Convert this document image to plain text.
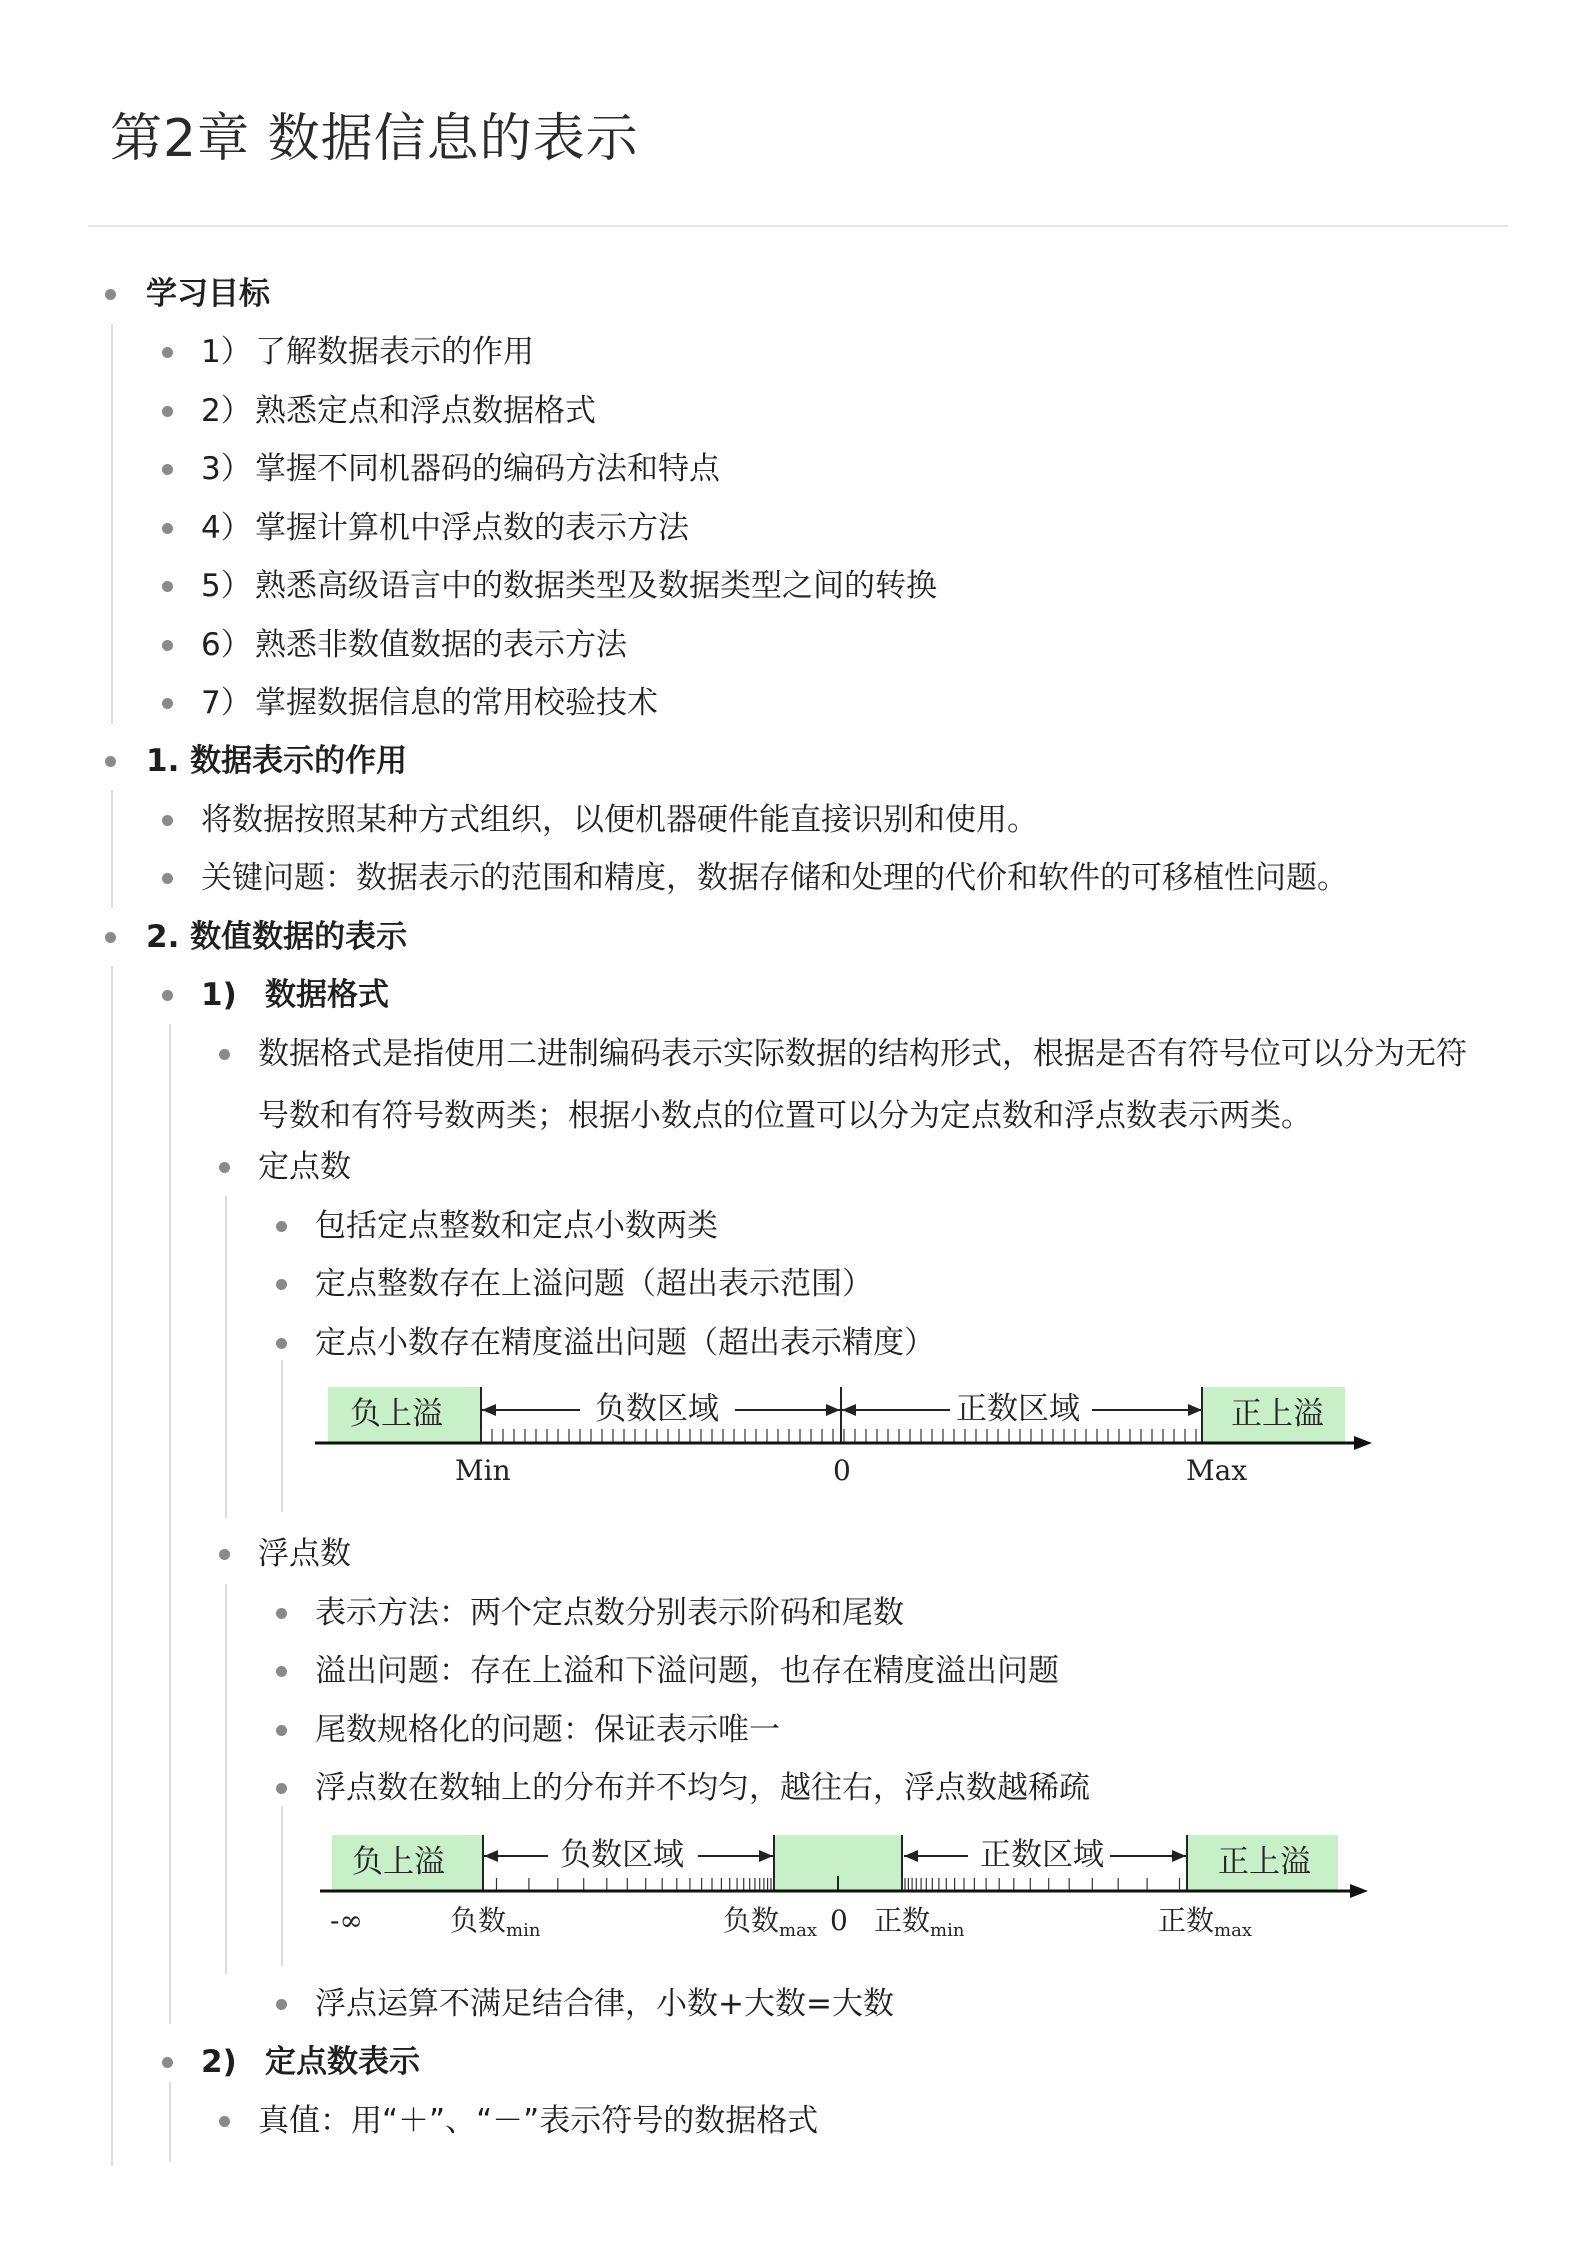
第2章 数据信息的表示
学习目标
1） 了解数据表示的作用
2） 熟悉定点和浮点数据格式
3） 掌握不同机器码的编码方法和特点
4） 掌握计算机中浮点数的表示方法
5） 熟悉高级语言中的数据类型及数据类型之间的转换
6） 熟悉非数值数据的表示方法
7） 掌握数据信息的常用校验技术
1. 数据表示的作用
将数据按照某种方式组织，以便机器硬件能直接识别和使用。
关键问题：数据表示的范围和精度，数据存储和处理的代价和软件的可移植性问题。
2. 数值数据的表示
1) 数据格式
数据格式是指使用二进制编码表示实际数据的结构形式，根据是否有符号位可以分为无符号数和有符号数两类；根据小数点的位置可以分为定点数和浮点数表示两类。
定点数
包括定点整数和定点小数两类
定点整数存在上溢问题（超出表示范围）
定点小数存在精度溢出问题（超出表示精度）
负上溢	正上溢
负数区域	正数区域
Min	0	Max
浮点数
表示方法：两个定点数分别表示阶码和尾数
溢出问题：存在上溢和下溢问题，也存在精度溢出问题
尾数规格化的问题：保证表示唯一
浮点数在数轴上的分布并不均匀，越往右，浮点数越稀疏
负上溢	正上溢
负数区域	正数区域
-∞	负数$_{min}$	负数$_{max}$ 0 正数$_{min}$	正数$_{max}$
浮点运算不满足结合律，小数+大数=大数
2) 定点数表示
真值：用“＋”、“－”表示符号的数据格式
